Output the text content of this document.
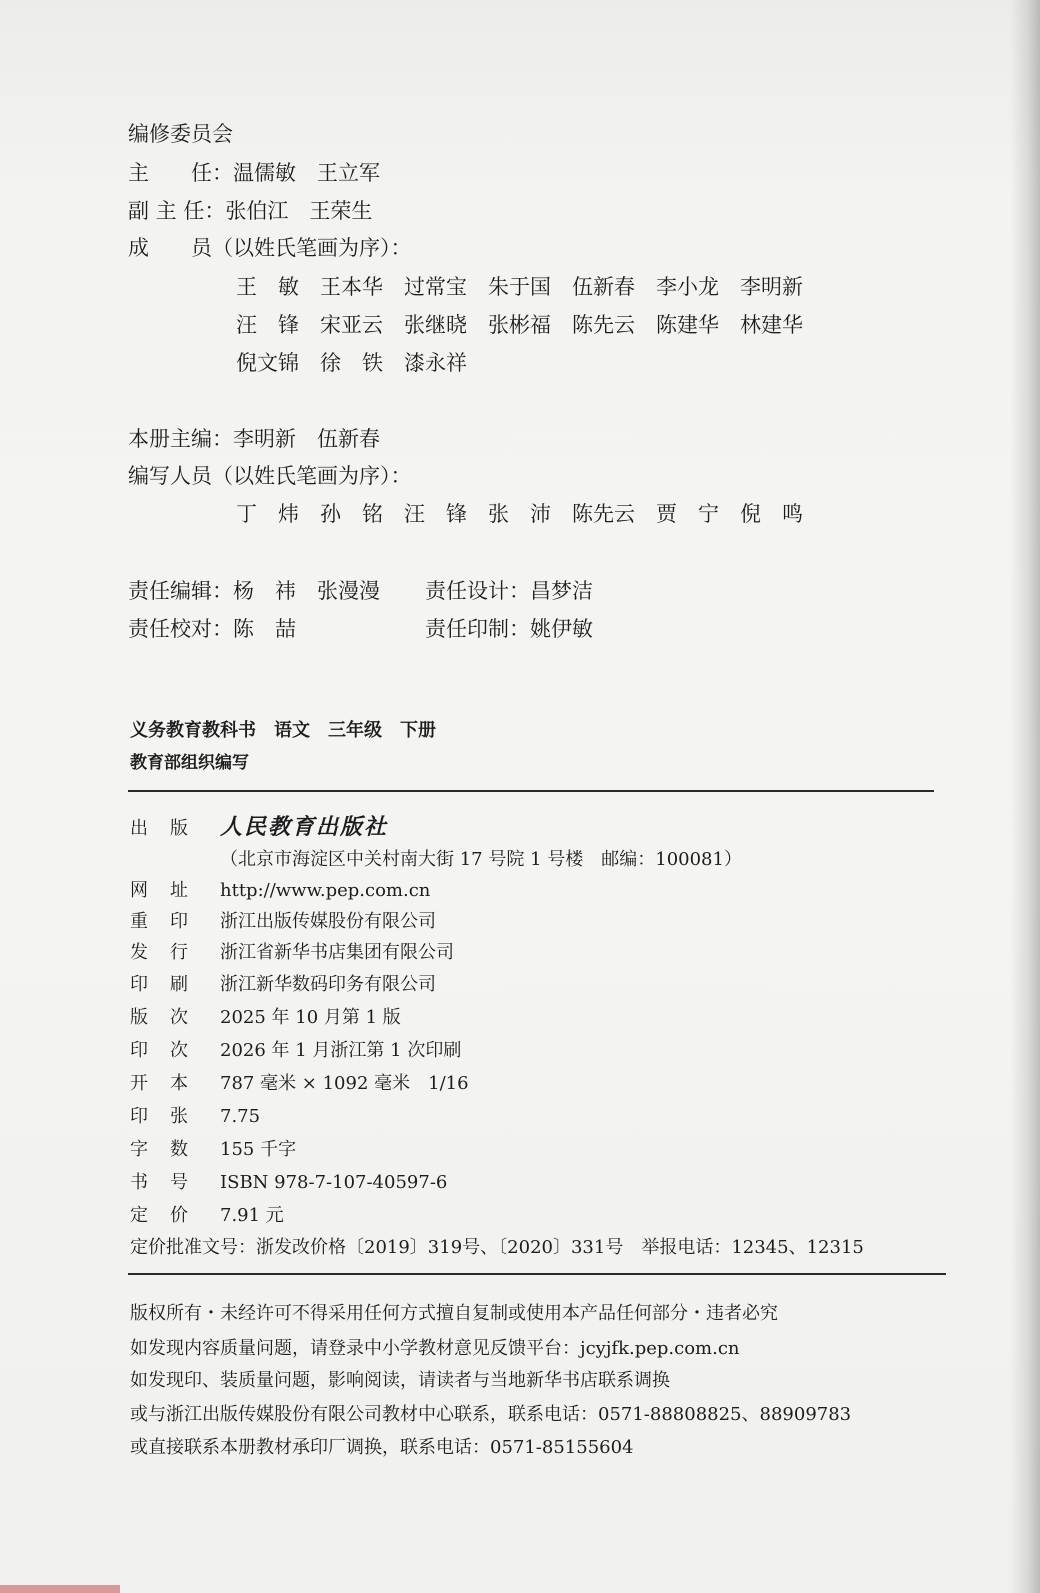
编修委员会
主　　任：温儒敏　王立军
副 主 任：张伯江　王荣生
成　　员（以姓氏笔画为序）：
王　敏 王本华 过常宝 朱于国 伍新春 李小龙 李明新
汪　锋 宋亚云 张继晓 张彬福 陈先云 陈建华 林建华
倪文锦 徐　铁 漆永祥
本册主编：李明新　伍新春
编写人员（以姓氏笔画为序）：
丁　炜 孙　铭 汪　锋 张　沛 陈先云 贾　宁 倪　鸣
责任编辑：杨　祎　张漫漫 责任设计：昌梦洁
责任校对：陈　喆	责任印制：姚伊敏
义务教育教科书　语文　三年级　下册
教育部组织编写
出版 人民教育出版社
（北京市海淀区中关村南大街 17 号院 1 号楼　邮编：100081）
网址 http://www.pep.com.cn
重印 浙江出版传媒股份有限公司
发行 浙江省新华书店集团有限公司
印刷 浙江新华数码印务有限公司
版次 2025 年 10 月第 1 版
印次 2026 年 1 月浙江第 1 次印刷
开本 787 毫米 × 1092 毫米　1/16
印张 7.75
字数 155 千字
书号 ISBN 978-7-107-40597-6
定价 7.91 元
定价批准文号：浙发改价格〔2019〕319号、〔2020〕331号　举报电话：12345、12315
版权所有・未经许可不得采用任何方式擅自复制或使用本产品任何部分・违者必究
如发现内容质量问题，请登录中小学教材意见反馈平台：jcyjfk.pep.com.cn
如发现印、装质量问题，影响阅读，请读者与当地新华书店联系调换
或与浙江出版传媒股份有限公司教材中心联系，联系电话：0571-88808825、88909783
或直接联系本册教材承印厂调换，联系电话：0571-85155604
